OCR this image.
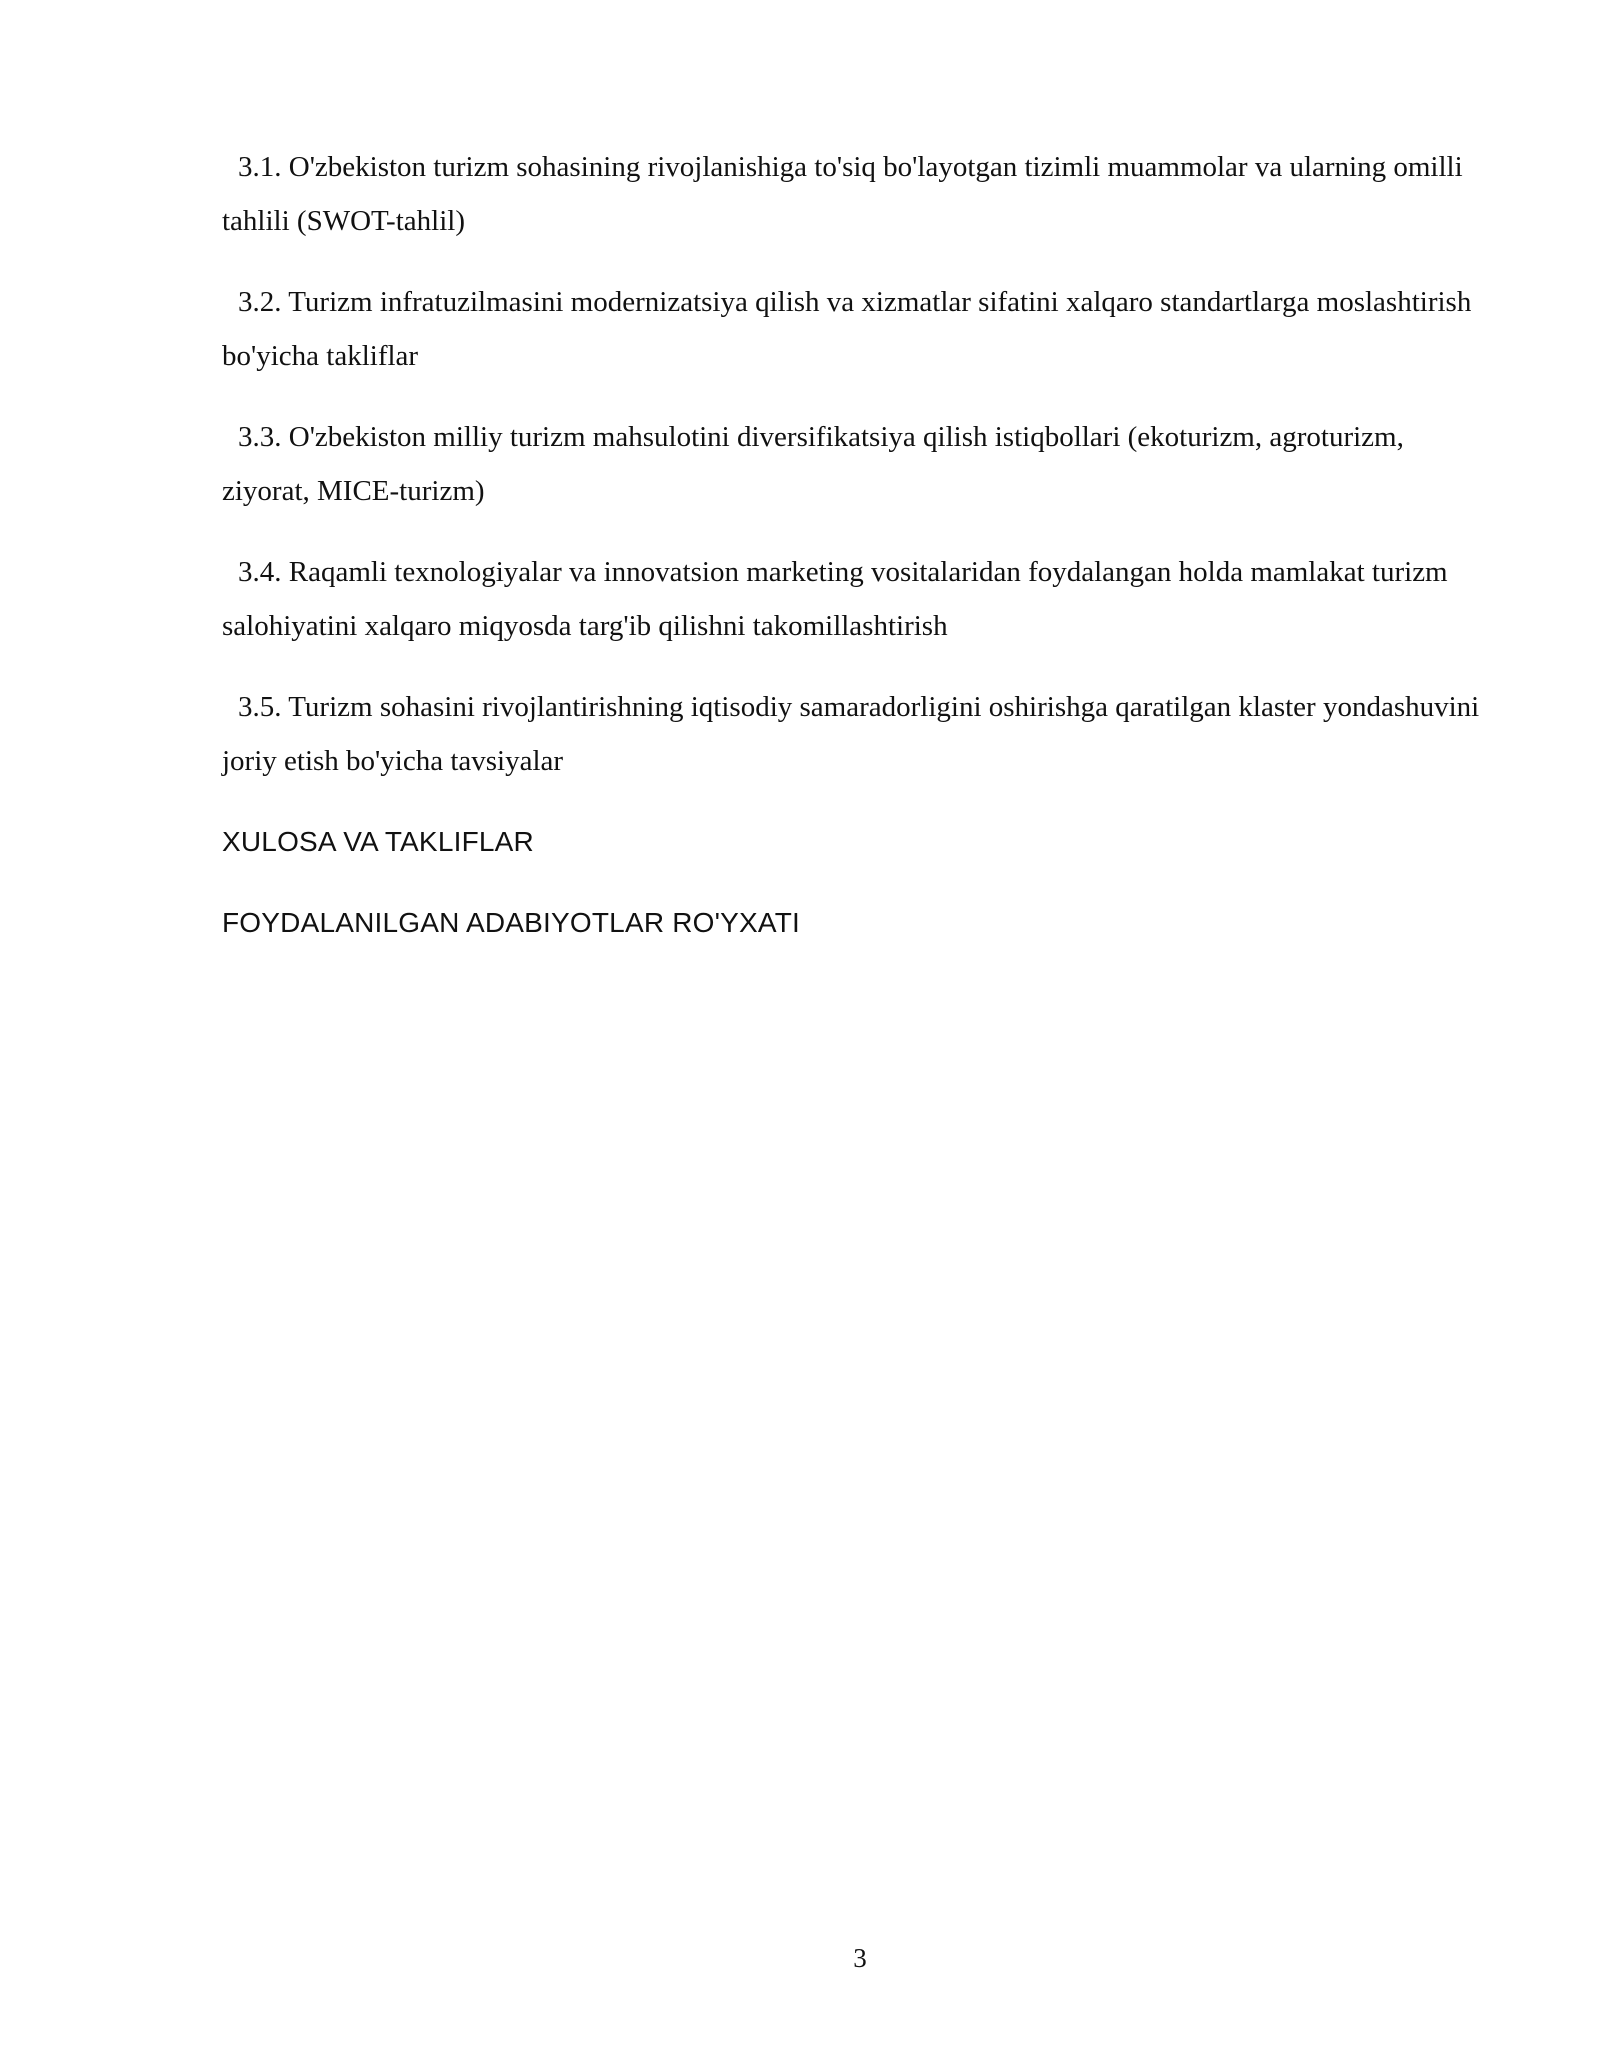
3.1. O'zbekiston turizm sohasining rivojlanishiga to'siq bo'layotgan tizimli muammolar va ularning omilli tahlili (SWOT-tahlil)

3.2. Turizm infratuzilmasini modernizatsiya qilish va xizmatlar sifatini xalqaro standartlarga moslashtirish bo'yicha takliflar

3.3. O'zbekiston milliy turizm mahsulotini diversifikatsiya qilish istiqbollari (ekoturizm, agroturizm, ziyorat, MICE-turizm)

3.4. Raqamli texnologiyalar va innovatsion marketing vositalaridan foydalangan holda mamlakat turizm salohiyatini xalqaro miqyosda targ'ib qilishni takomillashtirish

3.5. Turizm sohasini rivojlantirishning iqtisodiy samaradorligini oshirishga qaratilgan klaster yondashuvini joriy etish bo'yicha tavsiyalar

XULOSA VA TAKLIFLAR

FOYDALANILGAN ADABIYOTLAR RO'YXATI

3
